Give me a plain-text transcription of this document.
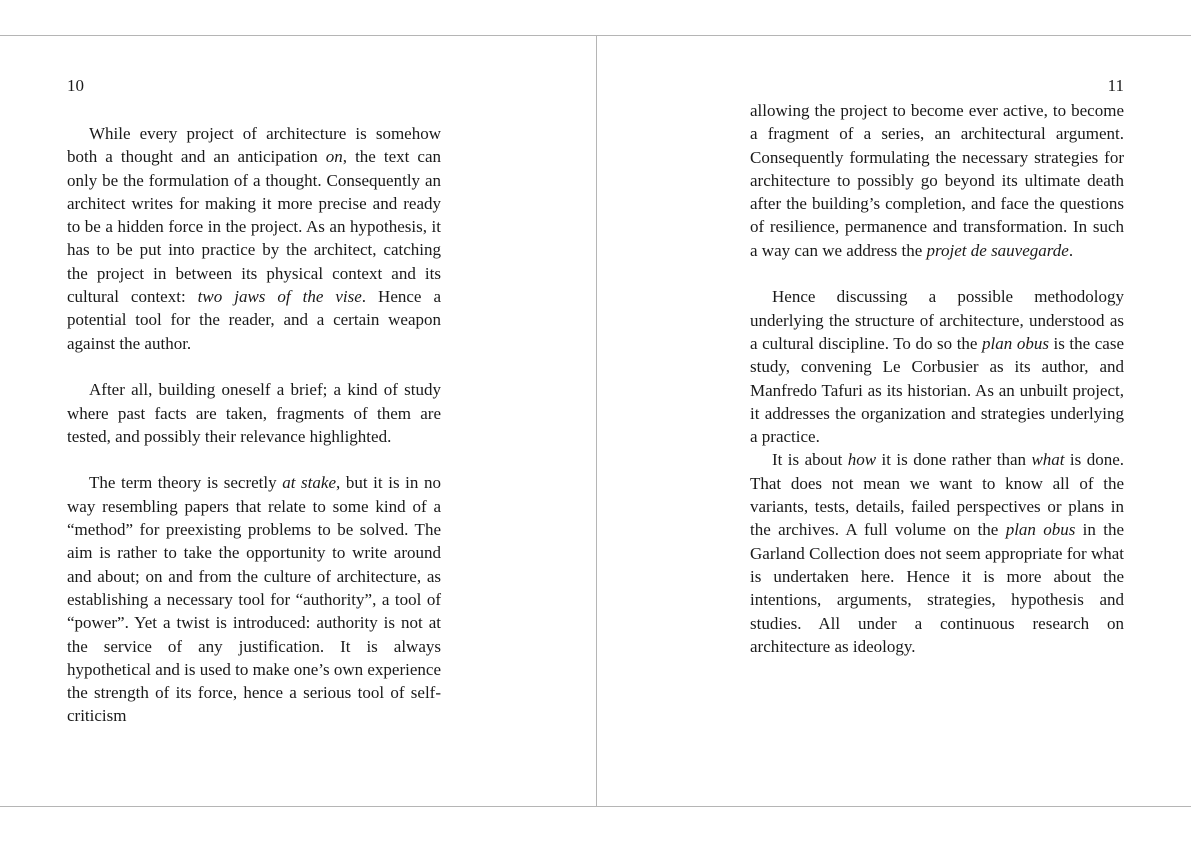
10

While every project of architecture is somehow both a thought and an anticipation on, the text can only be the formulation of a thought. Consequently an architect writes for making it more precise and ready to be a hidden force in the project. As an hypothesis, it has to be put into practice by the architect, catching the project in between its physical context and its cultural context: two jaws of the vise. Hence a potential tool for the reader, and a certain weapon against the author.

After all, building oneself a brief; a kind of study where past facts are taken, fragments of them are tested, and possibly their relevance highlighted.

The term theory is secretly at stake, but it is in no way resembling papers that relate to some kind of a “method” for preexisting problems to be solved. The aim is rather to take the opportunity to write around and about; on and from the culture of architecture, as establishing a necessary tool for “authority”, a tool of “power”. Yet a twist is introduced: authority is not at the service of any justification. It is always hypothetical and is used to make one’s own experience the strength of its force, hence a serious tool of self-criticism

11

allowing the project to become ever active, to become a fragment of a series, an architectural argument. Consequently formulating the necessary strategies for architecture to possibly go beyond its ultimate death after the building’s completion, and face the questions of resilience, permanence and transformation. In such a way can we address the projet de sauvegarde.

Hence discussing a possible methodology underlying the structure of architecture, understood as a cultural discipline. To do so the plan obus is the case study, convening Le Corbusier as its author, and Manfredo Tafuri as its historian. As an unbuilt project, it addresses the organization and strategies underlying a practice.

It is about how it is done rather than what is done. That does not mean we want to know all of the variants, tests, details, failed perspectives or plans in the archives. A full volume on the plan obus in the Garland Collection does not seem appropriate for what is undertaken here. Hence it is more about the intentions, arguments, strategies, hypothesis and studies. All under a continuous research on architecture as ideology.
